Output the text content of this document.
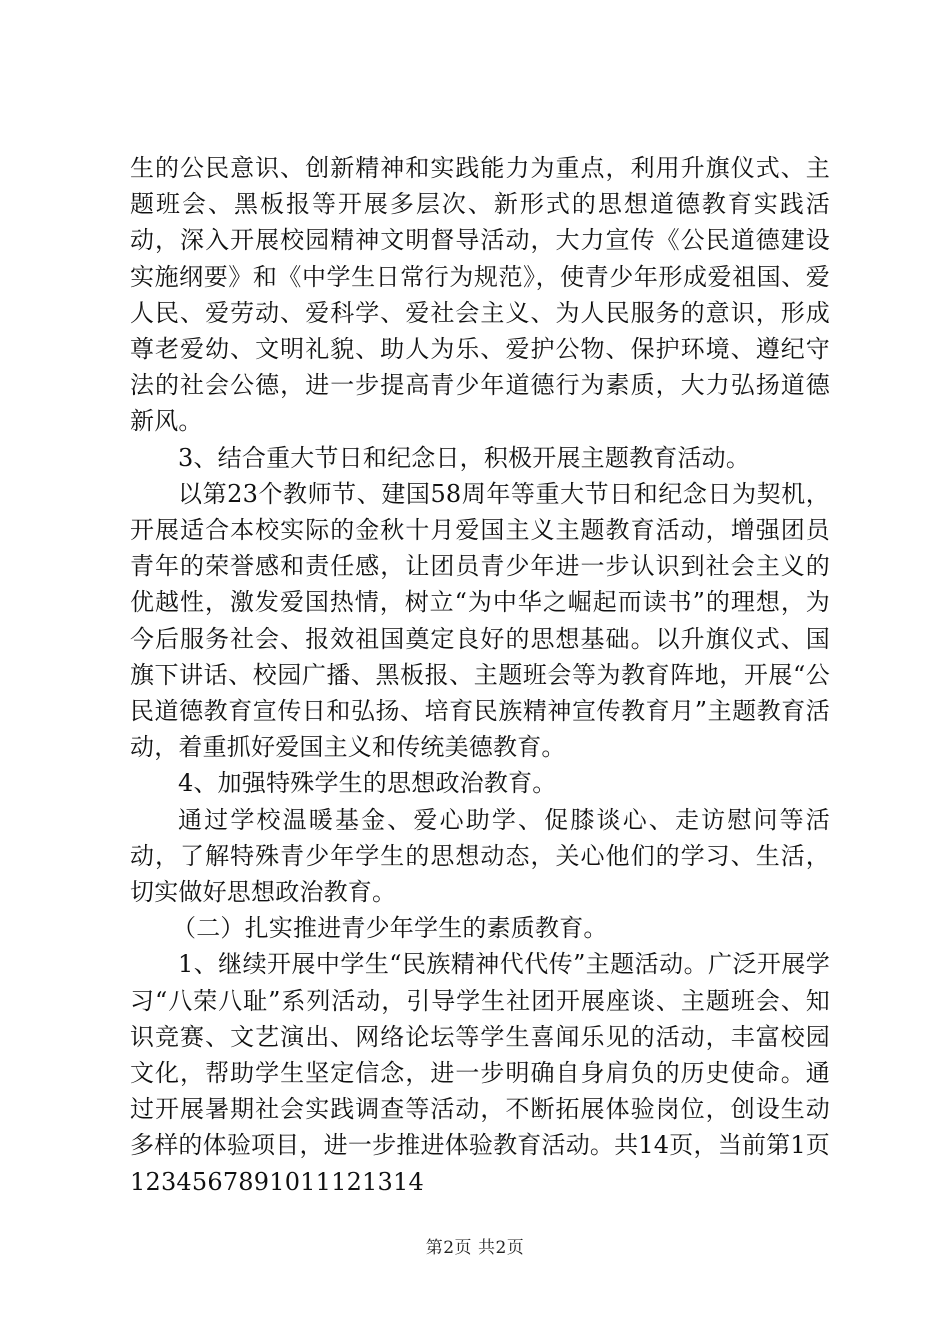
生的公民意识、创新精神和实践能力为重点，利用升旗仪式、主题班会、黑板报等开展多层次、新形式的思想道德教育实践活动，深入开展校园精神文明督导活动，大力宣传《公民道德建设实施纲要》和《中学生日常行为规范》，使青少年形成爱祖国、爱人民、爱劳动、爱科学、爱社会主义、为人民服务的意识，形成尊老爱幼、文明礼貌、助人为乐、爱护公物、保护环境、遵纪守法的社会公德，进一步提高青少年道德行为素质，大力弘扬道德新风。

3、结合重大节日和纪念日，积极开展主题教育活动。

以第23个教师节、建国58周年等重大节日和纪念日为契机，开展适合本校实际的金秋十月爱国主义主题教育活动，增强团员青年的荣誉感和责任感，让团员青少年进一步认识到社会主义的优越性，激发爱国热情，树立“为中华之崛起而读书”的理想，为今后服务社会、报效祖国奠定良好的思想基础。以升旗仪式、国旗下讲话、校园广播、黑板报、主题班会等为教育阵地，开展“公民道德教育宣传日和弘扬、培育民族精神宣传教育月”主题教育活动，着重抓好爱国主义和传统美德教育。

4、加强特殊学生的思想政治教育。

通过学校温暖基金、爱心助学、促膝谈心、走访慰问等活动，了解特殊青少年学生的思想动态，关心他们的学习、生活，切实做好思想政治教育。

（二）扎实推进青少年学生的素质教育。

1、继续开展中学生“民族精神代代传”主题活动。广泛开展学习“八荣八耻”系列活动，引导学生社团开展座谈、主题班会、知识竞赛、文艺演出、网络论坛等学生喜闻乐见的活动，丰富校园文化，帮助学生坚定信念，进一步明确自身肩负的历史使命。通过开展暑期社会实践调查等活动，不断拓展体验岗位，创设生动多样的体验项目，进一步推进体验教育活动。共14页，当前第1页 1234567891011121314

第2页 共2页
